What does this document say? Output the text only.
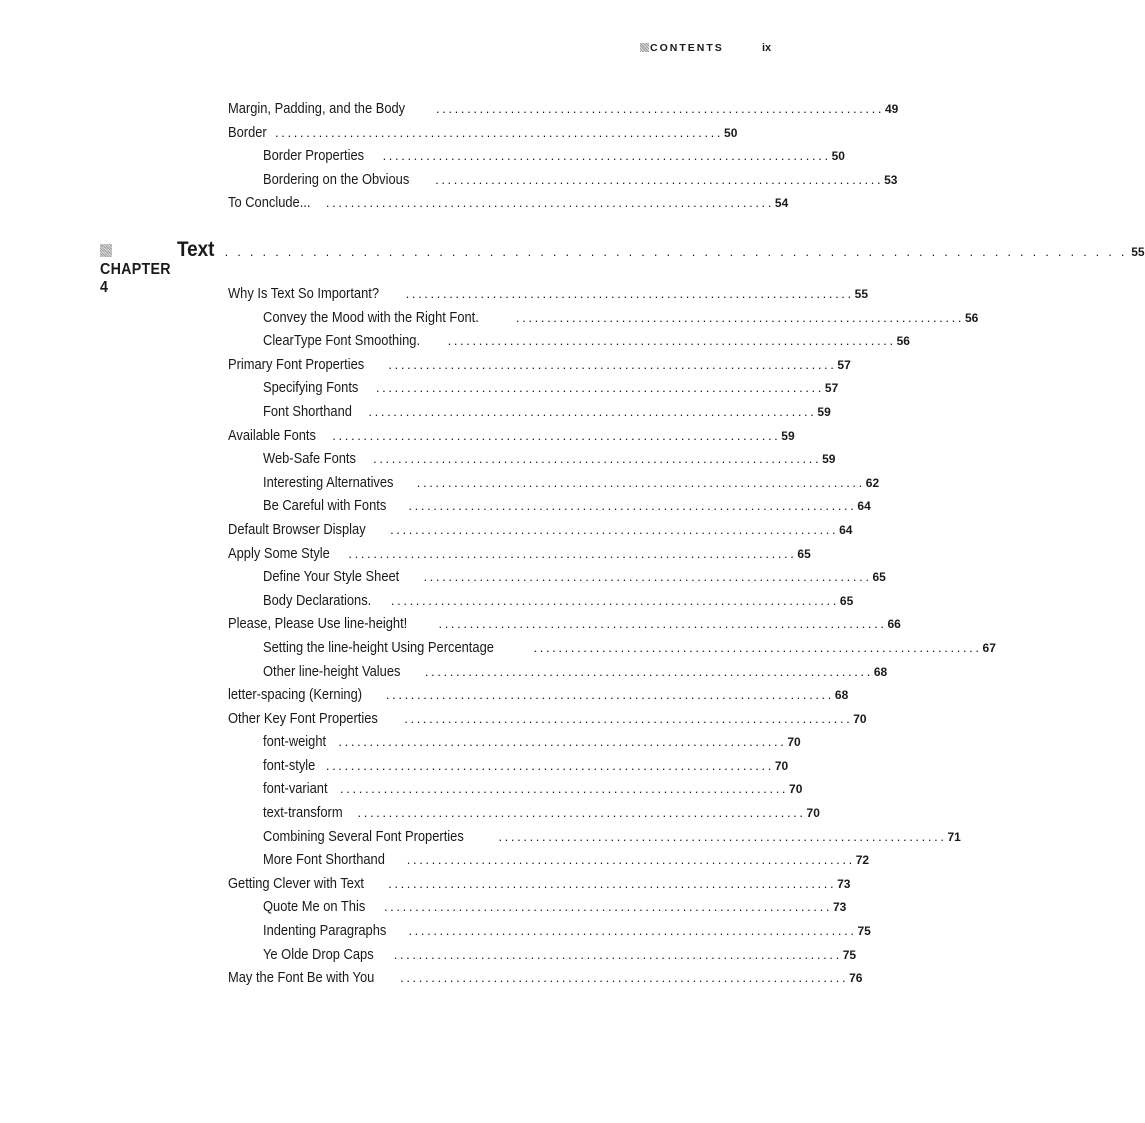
CONTENTS	ix
Margin, Padding, and the Body . . .	49
Border . . .	50
Border Properties . . .	50
Bordering on the Obvious . . .	53
To Conclude... . . .	54
CHAPTER 4
Text . . .	55
Why Is Text So Important? . . .	55
Convey the Mood with the Right Font. . . .	56
ClearType Font Smoothing. . . .	56
Primary Font Properties . . .	57
Specifying Fonts . . .	57
Font Shorthand . . .	59
Available Fonts . . .	59
Web-Safe Fonts . . .	59
Interesting Alternatives . . .	62
Be Careful with Fonts . . .	64
Default Browser Display . . .	64
Apply Some Style . . .	65
Define Your Style Sheet . . .	65
Body Declarations. . . .	65
Please, Please Use line-height! . . .	66
Setting the line-height Using Percentage . . .	67
Other line-height Values . . .	68
letter-spacing (Kerning) . . .	68
Other Key Font Properties . . .	70
font-weight . . .	70
font-style . . .	70
font-variant . . .	70
text-transform . . .	70
Combining Several Font Properties . . .	71
More Font Shorthand . . .	72
Getting Clever with Text . . .	73
Quote Me on This . . .	73
Indenting Paragraphs . . .	75
Ye Olde Drop Caps . . .	75
May the Font Be with You . . .	76
